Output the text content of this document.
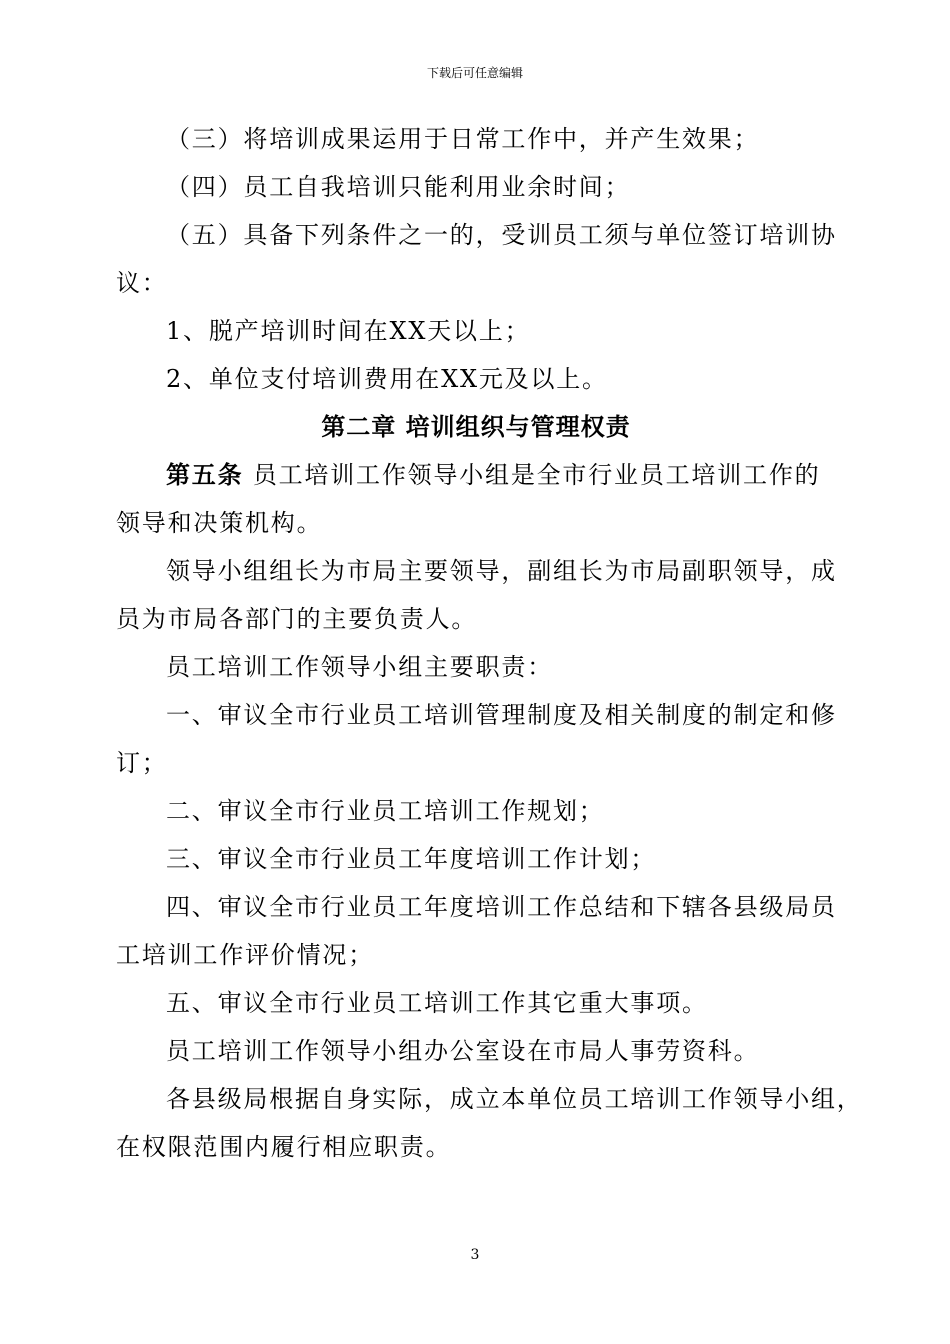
下载后可任意编辑
（三）将培训成果运用于日常工作中，并产生效果；
（四）员工自我培训只能利用业余时间；
（五）具备下列条件之一的，受训员工须与单位签订培训协
议：
1、脱产培训时间在XX天以上；
2、单位支付培训费用在XX元及以上。
第二章 培训组织与管理权责
第五条 员工培训工作领导小组是全市行业员工培训工作的
领导和决策机构。
领导小组组长为市局主要领导，副组长为市局副职领导，成
员为市局各部门的主要负责人。
员工培训工作领导小组主要职责：
一、审议全市行业员工培训管理制度及相关制度的制定和修
订；
二、审议全市行业员工培训工作规划；
三、审议全市行业员工年度培训工作计划；
四、审议全市行业员工年度培训工作总结和下辖各县级局员
工培训工作评价情况；
五、审议全市行业员工培训工作其它重大事项。
员工培训工作领导小组办公室设在市局人事劳资科。
各县级局根据自身实际，成立本单位员工培训工作领导小组，
在权限范围内履行相应职责。
3
